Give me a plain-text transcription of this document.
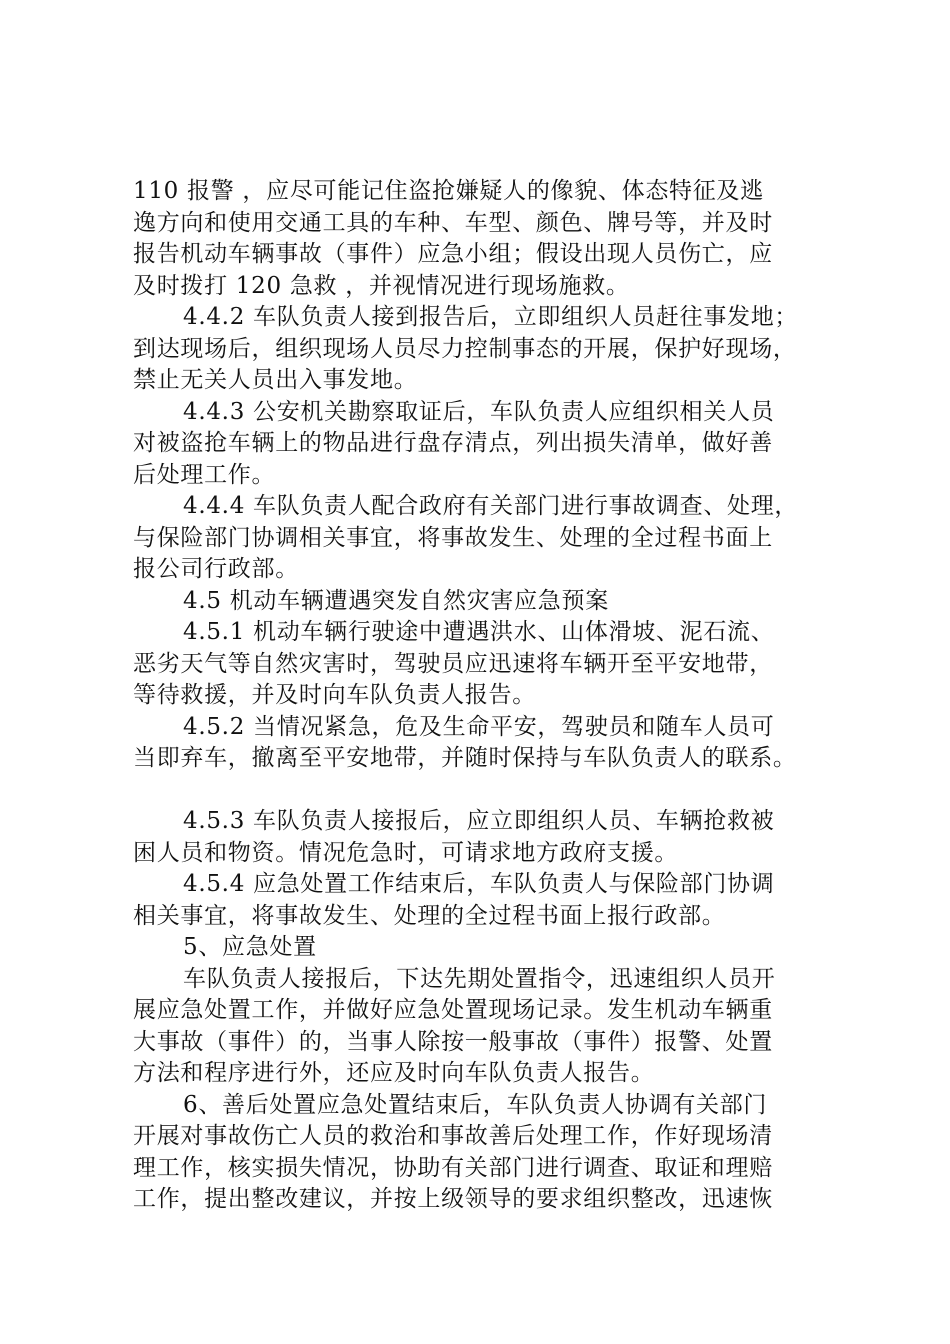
110 报警 ，应尽可能记住盗抢嫌疑人的像貌、体态特征及逃
逸方向和使用交通工具的车种、车型、颜色、牌号等，并及时
报告机动车辆事故（事件）应急小组；假设出现人员伤亡，应
及时拨打 120 急救 ，并视情况进行现场施救。
4.4.2 车队负责人接到报告后，立即组织人员赶往事发地；
到达现场后，组织现场人员尽力控制事态的开展，保护好现场，
禁止无关人员出入事发地。
4.4.3 公安机关勘察取证后，车队负责人应组织相关人员
对被盗抢车辆上的物品进行盘存清点，列出损失清单，做好善
后处理工作。
4.4.4 车队负责人配合政府有关部门进行事故调查、处理，
与保险部门协调相关事宜，将事故发生、处理的全过程书面上
报公司行政部。
4.5 机动车辆遭遇突发自然灾害应急预案
4.5.1 机动车辆行驶途中遭遇洪水、山体滑坡、泥石流、
恶劣天气等自然灾害时，驾驶员应迅速将车辆开至平安地带，
等待救援，并及时向车队负责人报告。
4.5.2 当情况紧急，危及生命平安，驾驶员和随车人员可
当即弃车，撤离至平安地带，并随时保持与车队负责人的联系。
4.5.3 车队负责人接报后，应立即组织人员、车辆抢救被
困人员和物资。情况危急时，可请求地方政府支援。
4.5.4 应急处置工作结束后，车队负责人与保险部门协调
相关事宜，将事故发生、处理的全过程书面上报行政部。
5、应急处置
车队负责人接报后，下达先期处置指令，迅速组织人员开
展应急处置工作，并做好应急处置现场记录。发生机动车辆重
大事故（事件）的，当事人除按一般事故（事件）报警、处置
方法和程序进行外，还应及时向车队负责人报告。
6、善后处置应急处置结束后，车队负责人协调有关部门
开展对事故伤亡人员的救治和事故善后处理工作，作好现场清
理工作，核实损失情况，协助有关部门进行调查、取证和理赔
工作，提出整改建议，并按上级领导的要求组织整改，迅速恢
